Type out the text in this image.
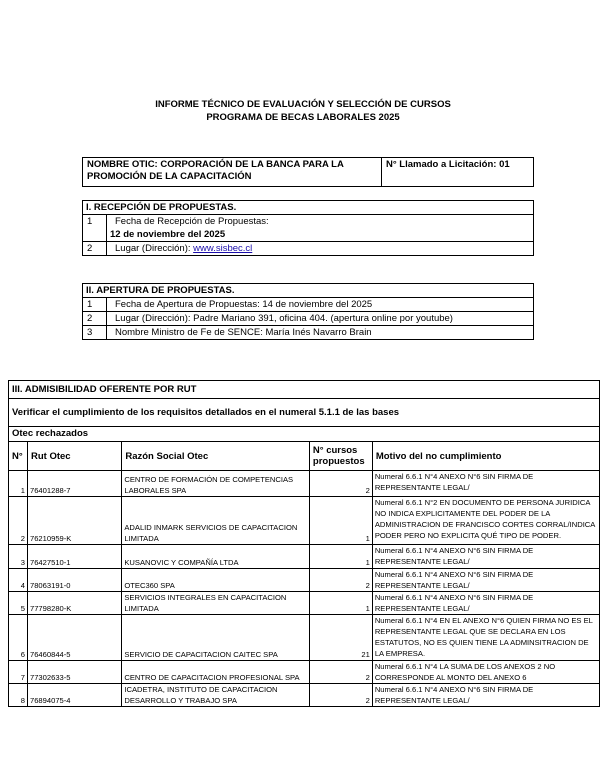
INFORME TÉCNICO DE EVALUACIÓN Y SELECCIÓN DE CURSOS
PROGRAMA DE BECAS LABORALES 2025
NOMBRE OTIC: CORPORACIÓN DE LA BANCA PARA LA PROMOCIÓN DE LA CAPACITACIÓN	N° Llamado a Licitación: 01
I. RECEPCIÓN DE PROPUESTAS.	
1	Fecha de Recepción de Propuestas:
12 de noviembre del 2025

2	Lugar (Dirección): www.sisbec.cl
II. APERTURA DE PROPUESTAS.	
1	Fecha de Apertura de Propuestas: 14 de noviembre del 2025
2	Lugar (Dirección): Padre Mariano 391, oficina 404. (apertura online por youtube)
3	Nombre Ministro de Fe de SENCE: María Inés Navarro Brain
III. ADMISIBILIDAD OFERENTE POR RUT				
Verificar el cumplimiento de los requisitos detallados en el numeral 5.1.1 de las bases				
Otec rechazados				
N°	Rut Otec	Razón Social Otec	N° cursos propuestos	Motivo del no cumplimiento
1	76401288-7	CENTRO DE FORMACIÓN DE COMPETENCIAS LABORALES SPA	2	Numeral 6.6.1 N°4 ANEXO N°6 SIN FIRMA DE REPRESENTANTE LEGAL/
2	76210959-K	ADALID INMARK SERVICIOS DE CAPACITACION LIMITADA	1	Numeral 6.6.1 N°2 EN DOCUMENTO DE PERSONA JURIDICA NO INDICA EXPLICITAMENTE DEL PODER DE LA ADMINISTRACION DE FRANCISCO CORTES CORRAL/INDICA PODER PERO NO EXPLICITA QUÉ TIPO DE PODER.
3	76427510-1	KUSANOVIC Y COMPAÑÍA LTDA	1	Numeral 6.6.1 N°4 ANEXO N°6 SIN FIRMA DE REPRESENTANTE LEGAL/
4	78063191-0	OTEC360 SPA	2	Numeral 6.6.1 N°4 ANEXO N°6 SIN FIRMA DE REPRESENTANTE LEGAL/
5	77798280-K	SERVICIOS INTEGRALES EN CAPACITACION LIMITADA	1	Numeral 6.6.1 N°4 ANEXO N°6 SIN FIRMA DE REPRESENTANTE LEGAL/
6	76460844-5	SERVICIO DE CAPACITACION CAITEC SPA	21	Numeral 6.6.1 N°4 EN EL ANEXO N°6 QUIEN FIRMA NO ES EL REPRESENTANTE LEGAL QUE SE DECLARA EN LOS ESTATUTOS, NO ES QUIEN TIENE LA ADMINSITRACION DE LA EMPRESA.
7	77302633-5	CENTRO DE CAPACITACION PROFESIONAL SPA	2	Numeral 6.6.1 N°4 LA SUMA DE LOS ANEXOS 2 NO CORRESPONDE AL MONTO DEL ANEXO 6
8	76894075-4	ICADETRA, INSTITUTO DE CAPACITACION DESARROLLO Y TRABAJO SPA	2	Numeral 6.6.1 N°4 ANEXO N°6 SIN FIRMA DE REPRESENTANTE LEGAL/
